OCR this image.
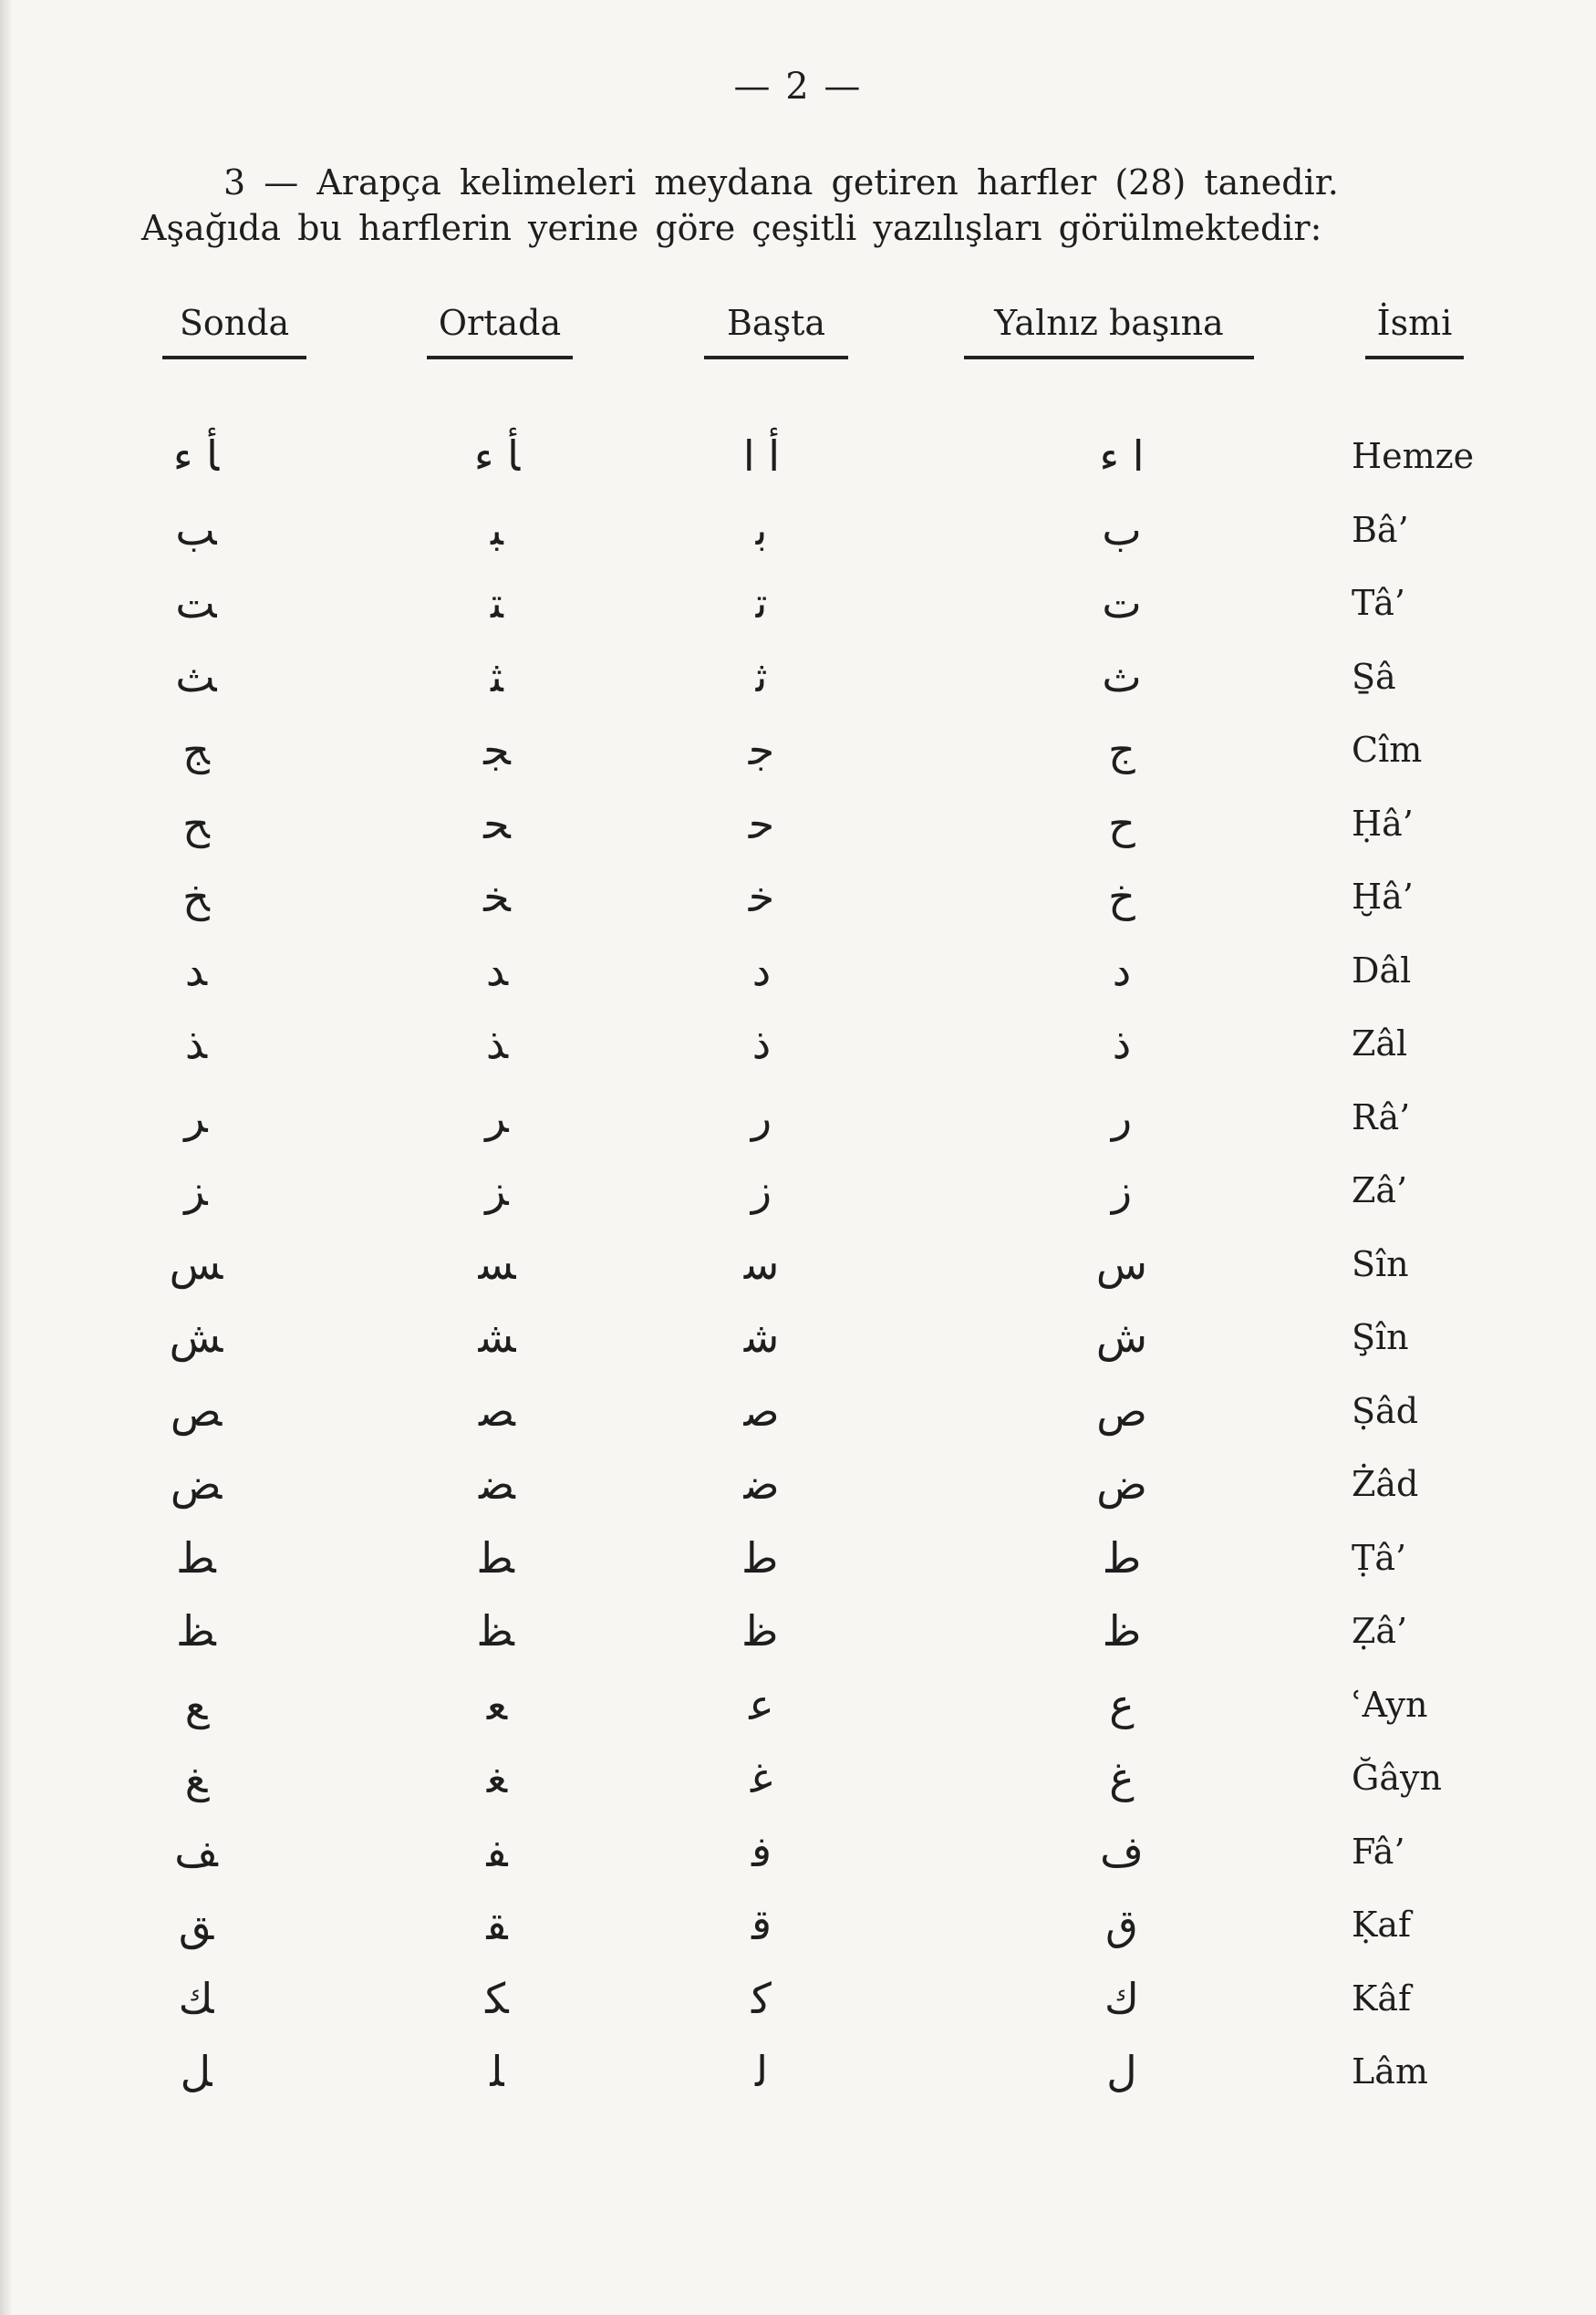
— 2 —
3 — Arapça kelimeleri meydana getiren harfler (28) tanedir.
Aşağıda bu harflerin yerine göre çeşitli yazılışları görülmektedir:
Sonda	Ortada	Başta	Yalnız başına	İsmi
ﺄ ﺀ	ﺄ ﺀ	ﺃ ا	ا ء	Hemze
ﺐ	ﺒ	ﺑ	ب	Bâ’
ﺖ	ﺘ	ﺗ	ت	Tâ’
ﺚ	ﺜ	ﺛ	ث	S̱â
ﺞ	ﺠ	ﺟ	ج	Cîm
ﺢ	ﺤ	ﺣ	ح	Ḥâ’
ﺦ	ﺨ	ﺧ	خ	Ḫâ’
ﺪ	ﺪ	د	د	Dâl
ﺬ	ﺬ	ذ	ذ	Zâl
ﺮ	ﺮ	ر	ر	Râ’
ﺰ	ﺰ	ز	ز	Zâ’
ﺲ	ﺴ	ﺳ	س	Sîn
ﺶ	ﺸ	ﺷ	ش	Şîn
ﺺ	ﺼ	ﺻ	ص	Ṣâd
ﺾ	ﻀ	ﺿ	ض	Żâd
ﻂ	ﻄ	ﻃ	ط	Ṭâ’
ﻆ	ﻈ	ﻇ	ظ	Ẓâ’
ﻊ	ﻌ	ﻋ	ع	ʿAyn
ﻎ	ﻐ	ﻏ	غ	Ğâyn
ﻒ	ﻔ	ﻓ	ف	Fâ’
ﻖ	ﻘ	ﻗ	ق	Ḳaf
ﻚ	ﻜ	ﻛ	ك	Kâf
ﻞ	ﻠ	ﻟ	ل	Lâm
